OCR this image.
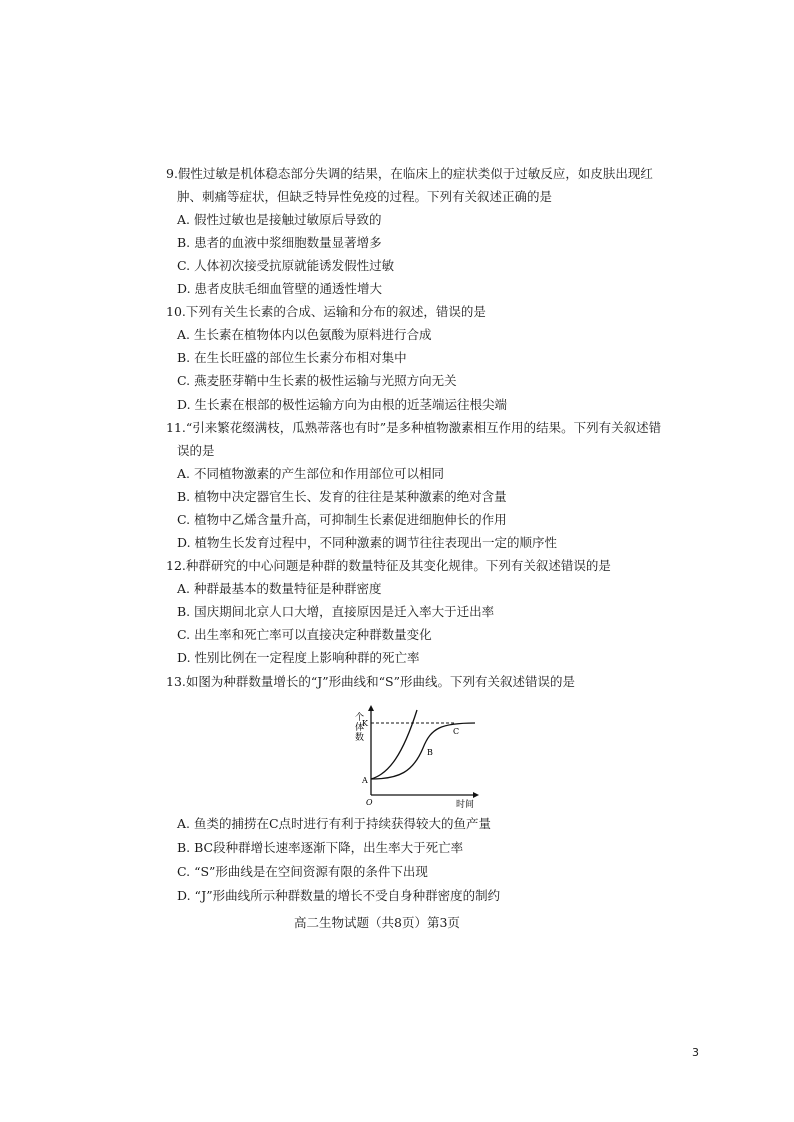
9.假性过敏是机体稳态部分失调的结果，在临床上的症状类似于过敏反应，如皮肤出现红
肿、刺痛等症状，但缺乏特异性免疫的过程。下列有关叙述正确的是
A. 假性过敏也是接触过敏原后导致的
B. 患者的血液中浆细胞数量显著增多
C. 人体初次接受抗原就能诱发假性过敏
D. 患者皮肤毛细血管壁的通透性增大
10.下列有关生长素的合成、运输和分布的叙述，错误的是
A. 生长素在植物体内以色氨酸为原料进行合成
B. 在生长旺盛的部位生长素分布相对集中
C. 燕麦胚芽鞘中生长素的极性运输与光照方向无关
D. 生长素在根部的极性运输方向为由根的近茎端运往根尖端
11.“引来繁花缀满枝，瓜熟蒂落也有时”是多种植物激素相互作用的结果。下列有关叙述错
误的是
A. 不同植物激素的产生部位和作用部位可以相同
B. 植物中决定器官生长、发育的往往是某种激素的绝对含量
C. 植物中乙烯含量升高，可抑制生长素促进细胞伸长的作用
D. 植物生长发育过程中，不同种激素的调节往往表现出一定的顺序性
12.种群研究的中心问题是种群的数量特征及其变化规律。下列有关叙述错误的是
A. 种群最基本的数量特征是种群密度
B. 国庆期间北京人口大增，直接原因是迁入率大于迁出率
C. 出生率和死亡率可以直接决定种群数量变化
D. 性别比例在一定程度上影响种群的死亡率
13.如图为种群数量增长的“J”形曲线和“S”形曲线。下列有关叙述错误的是
个
体
数
K
A
B
C
O	时间
A. 鱼类的捕捞在C点时进行有利于持续获得较大的鱼产量
B. BC段种群增长速率逐渐下降，出生率大于死亡率
C. “S”形曲线是在空间资源有限的条件下出现
D. “J”形曲线所示种群数量的增长不受自身种群密度的制约
高二生物试题（共8页）第3页
3
